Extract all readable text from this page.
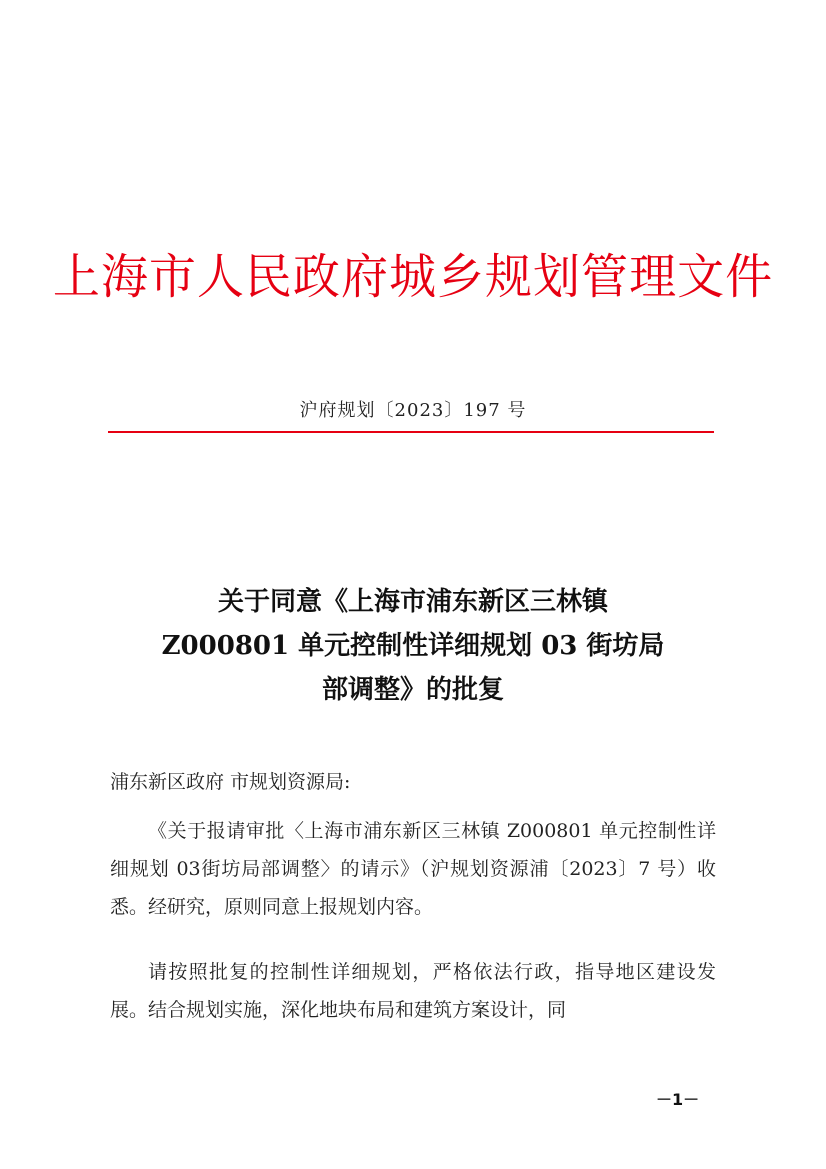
上海市人民政府城乡规划管理文件
沪府规划〔2023〕197 号
关于同意《上海市浦东新区三林镇
Z000801 单元控制性详细规划 03 街坊局
部调整》的批复
浦东新区政府 市规划资源局:
《关于报请审批〈上海市浦东新区三林镇 Z000801 单元控制性详细规划 03街坊局部调整〉的请示》（沪规划资源浦〔2023〕7 号）收悉。经研究，原则同意上报规划内容。
请按照批复的控制性详细规划，严格依法行政，指导地区建设发展。结合规划实施，深化地块布局和建筑方案设计，同
－1－
